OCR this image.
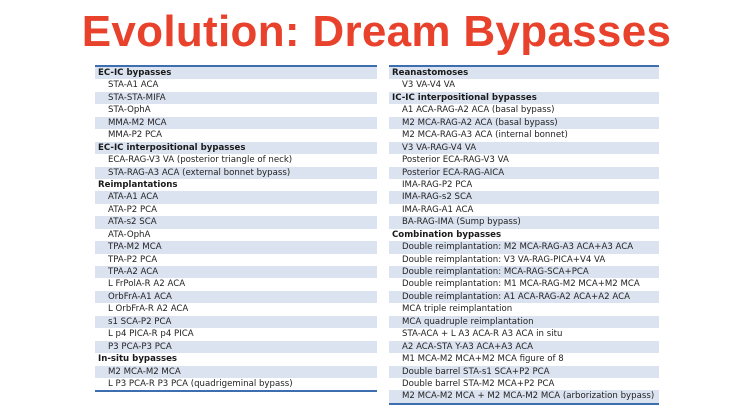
Evolution: Dream Bypasses
EC-IC bypasses
STA-A1 ACA
STA-STA-MIFA
STA-OphA
MMA-M2 MCA
MMA-P2 PCA
EC-IC interpositional bypasses
ECA-RAG-V3 VA (posterior triangle of neck)
STA-RAG-A3 ACA (external bonnet bypass)
Reimplantations
ATA-A1 ACA
ATA-P2 PCA
ATA-s2 SCA
ATA-OphA
TPA-M2 MCA
TPA-P2 PCA
TPA-A2 ACA
L FrPolA-R A2 ACA
OrbFrA-A1 ACA
L OrbFrA-R A2 ACA
s1 SCA-P2 PCA
L p4 PICA-R p4 PICA
P3 PCA-P3 PCA
In-situ bypasses
M2 MCA-M2 MCA
L P3 PCA-R P3 PCA (quadrigeminal bypass)
Reanastomoses
V3 VA-V4 VA
IC-IC interpositional bypasses
A1 ACA-RAG-A2 ACA (basal bypass)
M2 MCA-RAG-A2 ACA (basal bypass)
M2 MCA-RAG-A3 ACA (internal bonnet)
V3 VA-RAG-V4 VA
Posterior ECA-RAG-V3 VA
Posterior ECA-RAG-AICA
IMA-RAG-P2 PCA
IMA-RAG-s2 SCA
IMA-RAG-A1 ACA
BA-RAG-IMA (Sump bypass)
Combination bypasses
Double reimplantation: M2 MCA-RAG-A3 ACA+A3 ACA
Double reimplantation: V3 VA-RAG-PICA+V4 VA
Double reimplantation: MCA-RAG-SCA+PCA
Double reimplantation: M1 MCA-RAG-M2 MCA+M2 MCA
Double reimplantation: A1 ACA-RAG-A2 ACA+A2 ACA
MCA triple reimplantation
MCA quadruple reimplantation
STA-ACA + L A3 ACA-R A3 ACA in situ
A2 ACA-STA Y-A3 ACA+A3 ACA
M1 MCA-M2 MCA+M2 MCA figure of 8
Double barrel STA-s1 SCA+P2 PCA
Double barrel STA-M2 MCA+P2 PCA
M2 MCA-M2 MCA + M2 MCA-M2 MCA (arborization bypass)
